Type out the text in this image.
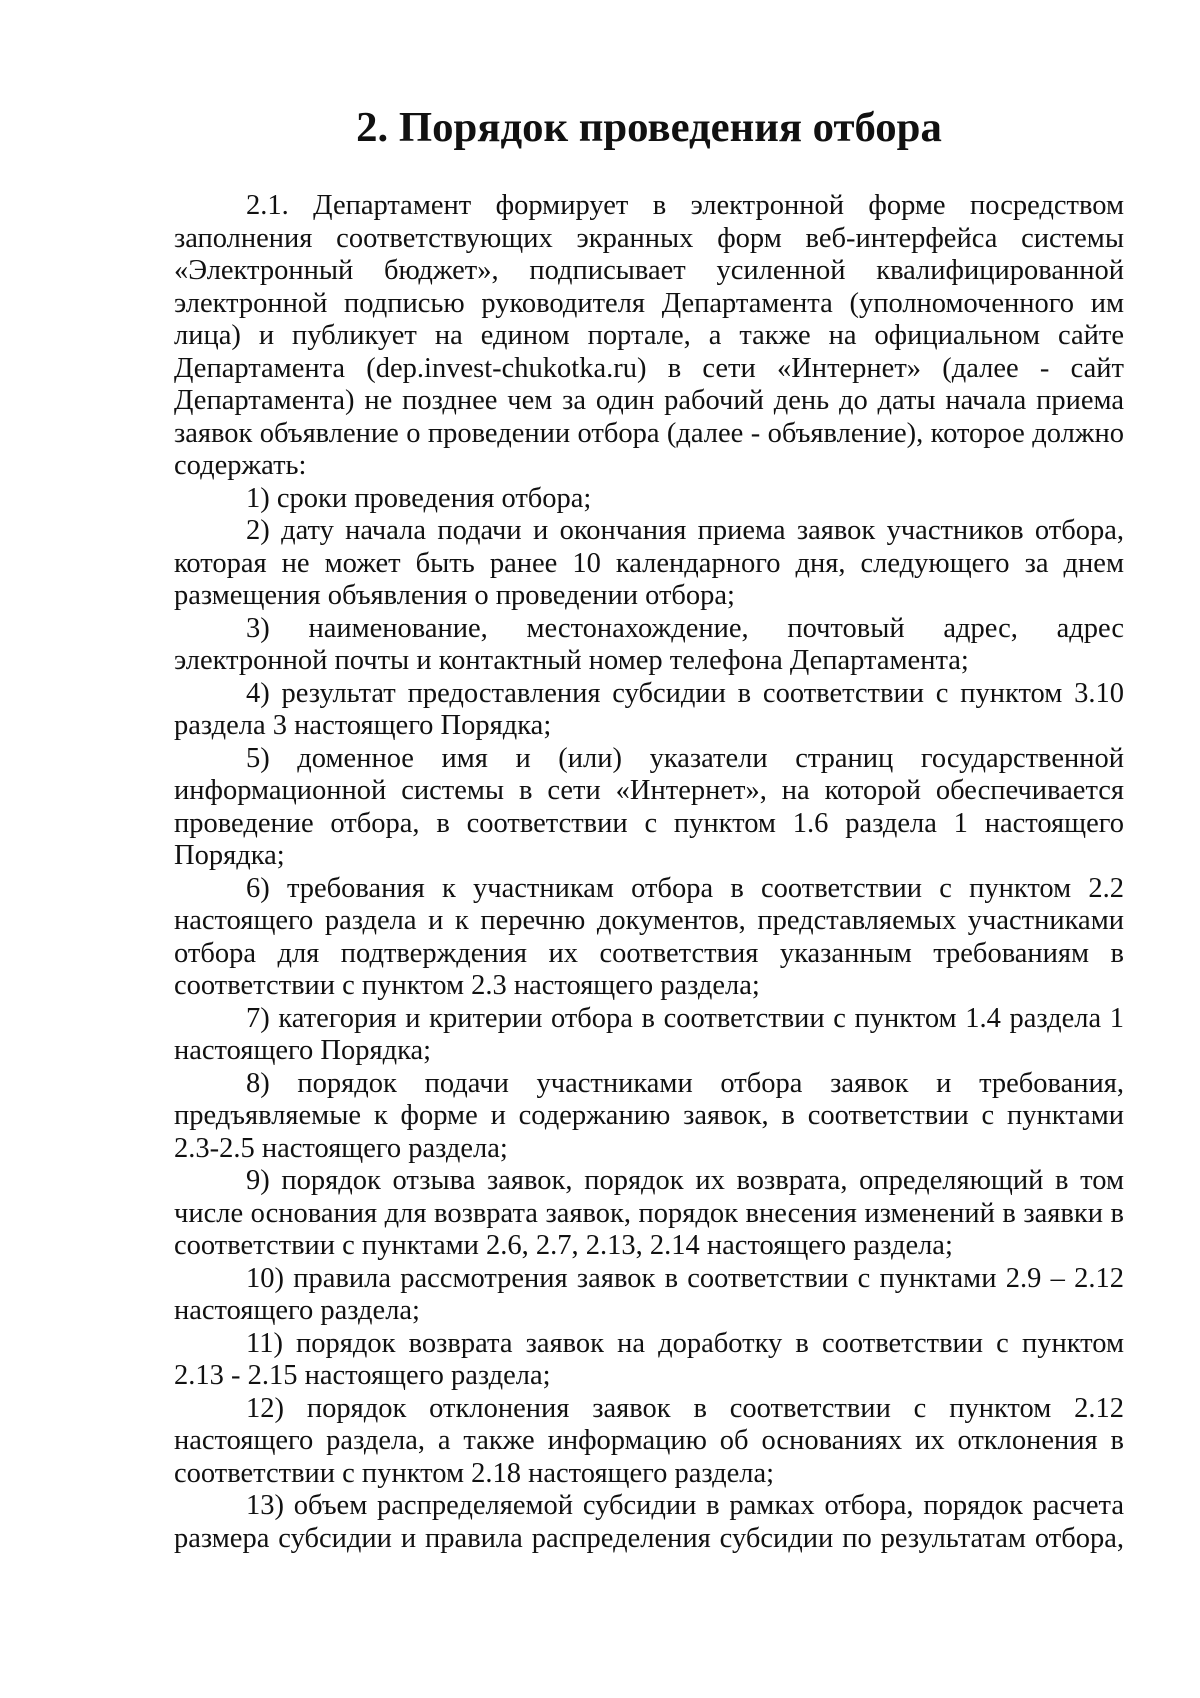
2. Порядок проведения отбора

2.1. Департамент формирует в электронной форме посредством заполнения соответствующих экранных форм веб-интерфейса системы «Электронный бюджет», подписывает усиленной квалифицированной электронной подписью руководителя Департамента (уполномоченного им лица) и публикует на едином портале, а также на официальном сайте Департамента (dep.invest-chukotka.ru) в сети «Интернет» (далее - сайт Департамента) не позднее чем за один рабочий день до даты начала приема заявок объявление о проведении отбора (далее - объявление), которое должно содержать:

1) сроки проведения отбора;

2) дату начала подачи и окончания приема заявок участников отбора, которая не может быть ранее 10 календарного дня, следующего за днем размещения объявления о проведении отбора;

3) наименование, местонахождение, почтовый адрес, адрес электронной почты и контактный номер телефона Департамента;

4) результат предоставления субсидии в соответствии с пунктом 3.10 раздела 3 настоящего Порядка;

5) доменное имя и (или) указатели страниц государственной информационной системы в сети «Интернет», на которой обеспечивается проведение отбора, в соответствии с пунктом 1.6 раздела 1 настоящего Порядка;

6) требования к участникам отбора в соответствии с пунктом 2.2 настоящего раздела и к перечню документов, представляемых участниками отбора для подтверждения их соответствия указанным требованиям в соответствии с пунктом 2.3 настоящего раздела;

7) категория и критерии отбора в соответствии с пунктом 1.4 раздела 1 настоящего Порядка;

8) порядок подачи участниками отбора заявок и требования, предъявляемые к форме и содержанию заявок, в соответствии с пунктами 2.3-2.5 настоящего раздела;

9) порядок отзыва заявок, порядок их возврата, определяющий в том числе основания для возврата заявок, порядок внесения изменений в заявки в соответствии с пунктами 2.6, 2.7, 2.13, 2.14 настоящего раздела;

10) правила рассмотрения заявок в соответствии с пунктами 2.9 – 2.12 настоящего раздела;

11) порядок возврата заявок на доработку в соответствии с пунктом 2.13 - 2.15 настоящего раздела;

12) порядок отклонения заявок в соответствии с пунктом 2.12 настоящего раздела, а также информацию об основаниях их отклонения в соответствии с пунктом 2.18 настоящего раздела;

13) объем распределяемой субсидии в рамках отбора, порядок расчета размера субсидии и правила распределения субсидии по результатам отбора,
